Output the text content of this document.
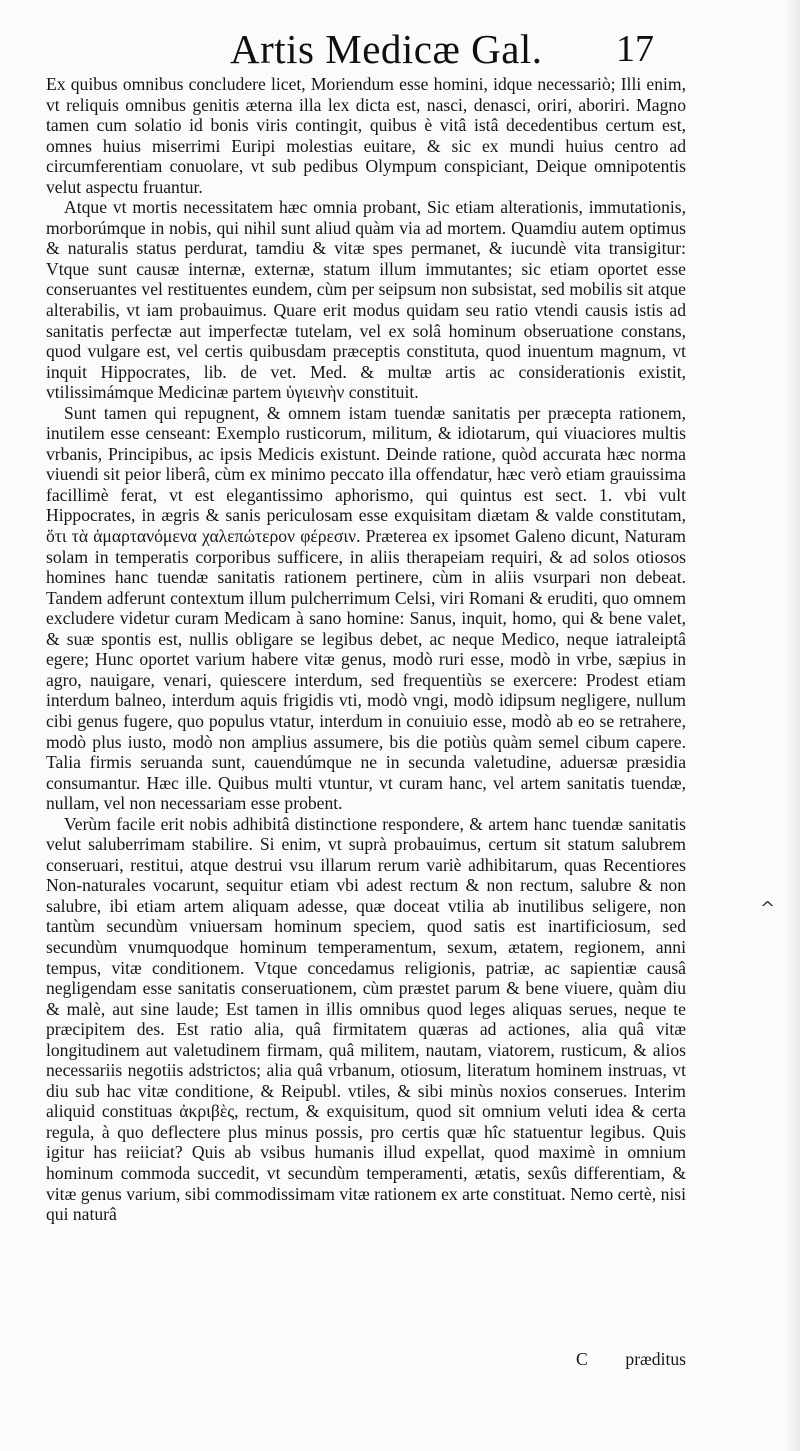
Artis Medicæ Gal. 17

Ex quibus omnibus concludere licet, Moriendum esse homini, idque necessariò; Illi enim, vt reliquis omnibus genitis æterna illa lex dicta est, nasci, denasci, oriri, aboriri. Magno tamen cum solatio id bonis viris contingit, quibus è vitâ istâ decedentibus certum est, omnes huius miserrimi Euripi molestias euitare, & sic ex mundi huius centro ad circumferentiam conuolare, vt sub pedibus Olympum conspiciant, Deique omnipotentis velut aspectu fruantur.

Atque vt mortis necessitatem hæc omnia probant, Sic etiam alterationis, immutationis, morborúmque in nobis, qui nihil sunt aliud quàm via ad mortem. Quamdiu autem optimus & naturalis status perdurat, tamdiu & vitæ spes permanet, & iucundè vita transigitur: Vtque sunt causæ internæ, externæ, statum illum immutantes; sic etiam oportet esse conseruantes vel restituentes eundem, cùm per seipsum non subsistat, sed mobilis sit atque alterabilis, vt iam probauimus. Quare erit modus quidam seu ratio vtendi causis istis ad sanitatis perfectæ aut imperfectæ tutelam, vel ex solâ hominum obseruatione constans, quod vulgare est, vel certis quibusdam præceptis constituta, quod inuentum magnum, vt inquit Hippocrates, lib. de vet. Med. & multæ artis ac considerationis existit, vtilissimámque Medicinæ partem ὑγιεινὴν constituit.

Sunt tamen qui repugnent, & omnem istam tuendæ sanitatis per præcepta rationem, inutilem esse censeant: Exemplo rusticorum, militum, & idiotarum, qui viuaciores multis vrbanis, Principibus, ac ipsis Medicis existunt. Deinde ratione, quòd accurata hæc norma viuendi sit peior liberâ, cùm ex minimo peccato illa offendatur, hæc verò etiam grauissima facillimè ferat, vt est elegantissimo aphorismo, qui quintus est sect. 1. vbi vult Hippocrates, in ægris & sanis periculosam esse exquisitam diætam & valde constitutam, ὅτι τὰ ἁμαρτανόμενα χαλεπώτερον φέρεσιν. Præterea ex ipsomet Galeno dicunt, Naturam solam in temperatis corporibus sufficere, in aliis therapeiam requiri, & ad solos otiosos homines hanc tuendæ sanitatis rationem pertinere, cùm in aliis vsurpari non debeat. Tandem adferunt contextum illum pulcherrimum Celsi, viri Romani & eruditi, quo omnem excludere videtur curam Medicam à sano homine: Sanus, inquit, homo, qui & bene valet, & suæ spontis est, nullis obligare se legibus debet, ac neque Medico, neque iatraleiptâ egere; Hunc oportet varium habere vitæ genus, modò ruri esse, modò in vrbe, sæpius in agro, nauigare, venari, quiescere interdum, sed frequentiùs se exercere: Prodest etiam interdum balneo, interdum aquis frigidis vti, modò vngi, modò idipsum negligere, nullum cibi genus fugere, quo populus vtatur, interdum in conuiuio esse, modò ab eo se retrahere, modò plus iusto, modò non amplius assumere, bis die potiùs quàm semel cibum capere. Talia firmis seruanda sunt, cauendúmque ne in secunda valetudine, aduersæ præsidia consumantur. Hæc ille. Quibus multi vtuntur, vt curam hanc, vel artem sanitatis tuendæ, nullam, vel non necessariam esse probent.

Verùm facile erit nobis adhibitâ distinctione respondere, & artem hanc tuendæ sanitatis velut saluberrimam stabilire. Si enim, vt suprà probauimus, certum sit statum salubrem conseruari, restitui, atque destrui vsu illarum rerum variè adhibitarum, quas Recentiores Non-naturales vocarunt, sequitur etiam vbi adest rectum & non rectum, salubre & non salubre, ibi etiam artem aliquam adesse, quæ doceat vtilia ab inutilibus seligere, non tantùm secundùm vniuersam hominum speciem, quod satis est inartificiosum, sed secundùm vnumquodque hominum temperamentum, sexum, ætatem, regionem, anni tempus, vitæ conditionem. Vtque concedamus religionis, patriæ, ac sapientiæ causâ negligendam esse sanitatis conseruationem, cùm præstet parum & bene viuere, quàm diu & malè, aut sine laude; Est tamen in illis omnibus quod leges aliquas serues, neque te præcipitem des. Est ratio alia, quâ firmitatem quæras ad actiones, alia quâ vitæ longitudinem aut valetudinem firmam, quâ militem, nautam, viatorem, rusticum, & alios necessariis negotiis adstrictos; alia quâ vrbanum, otiosum, literatum hominem instruas, vt diu sub hac vitæ conditione, & Reipubl. vtiles, & sibi minùs noxios conserues. Interim aliquid constituas ἀκριβὲς, rectum, & exquisitum, quod sit omnium veluti idea & certa regula, à quo deflectere plus minus possis, pro certis quæ hîc statuentur legibus. Quis igitur has reiiciat? Quis ab vsibus humanis illud expellat, quod maximè in omnium hominum commoda succedit, vt secundùm temperamenti, ætatis, sexûs differentiam, & vitæ genus varium, sibi commodissimam vitæ rationem ex arte constituat. Nemo certè, nisi qui naturâ

^
C præditus
